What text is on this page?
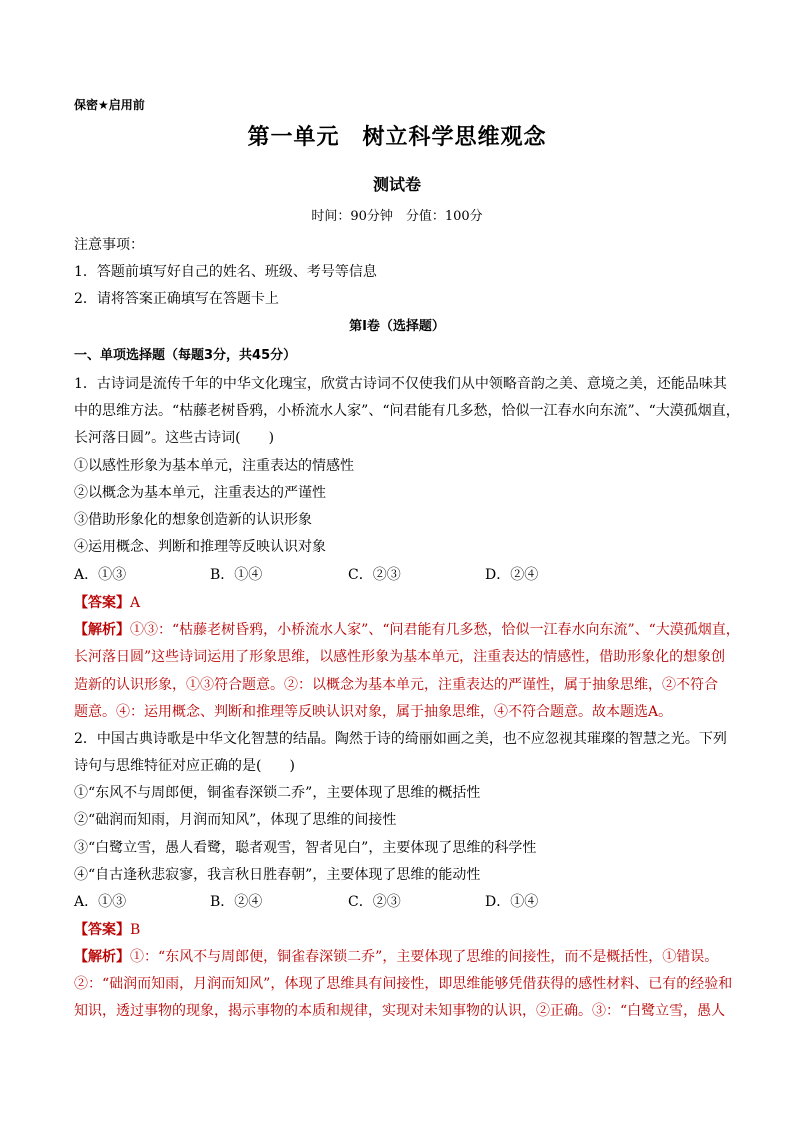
保密★启用前
第一单元　树立科学思维观念
测试卷
时间：90分钟　分值：100分
注意事项：
1．答题前填写好自己的姓名、班级、考号等信息
2．请将答案正确填写在答题卡上
第I卷（选择题）
一、单项选择题（每题3分，共45分）
1．古诗词是流传千年的中华文化瑰宝，欣赏古诗词不仅使我们从中领略音韵之美、意境之美，还能品味其
中的思维方法。“枯藤老树昏鸦，小桥流水人家”、“问君能有几多愁，恰似一江春水向东流”、“大漠孤烟直，
长河落日圆”。这些古诗词(　　)
①以感性形象为基本单元，注重表达的情感性
②以概念为基本单元，注重表达的严谨性
③借助形象化的想象创造新的认识形象
④运用概念、判断和推理等反映认识对象
A．①③	B．①④	C．②③	D．②④
【答案】A
【解析】①③：“枯藤老树昏鸦，小桥流水人家”、“问君能有几多愁，恰似一江春水向东流”、“大漠孤烟直，
长河落日圆”这些诗词运用了形象思维，以感性形象为基本单元，注重表达的情感性，借助形象化的想象创
造新的认识形象，①③符合题意。②：以概念为基本单元，注重表达的严谨性，属于抽象思维，②不符合
题意。④：运用概念、判断和推理等反映认识对象，属于抽象思维，④不符合题意。故本题选A。
2．中国古典诗歌是中华文化智慧的结晶。陶然于诗的绮丽如画之美，也不应忽视其璀璨的智慧之光。下列
诗句与思维特征对应正确的是(　　)
①“东风不与周郎便，铜雀春深锁二乔”，主要体现了思维的概括性
②“础润而知雨，月润而知风”，体现了思维的间接性
③“白鹭立雪，愚人看鹭，聪者观雪，智者见白”，主要体现了思维的科学性
④“自古逢秋悲寂寥，我言秋日胜春朝”，主要体现了思维的能动性
A．①③	B．②④	C．②③	D．①④
【答案】B
【解析】①：“东风不与周郎便，铜雀春深锁二乔”，主要体现了思维的间接性，而不是概括性，①错误。
②：“础润而知雨，月润而知风”，体现了思维具有间接性，即思维能够凭借获得的感性材料、已有的经验和
知识，透过事物的现象，揭示事物的本质和规律，实现对未知事物的认识，②正确。③：“白鹭立雪，愚人
